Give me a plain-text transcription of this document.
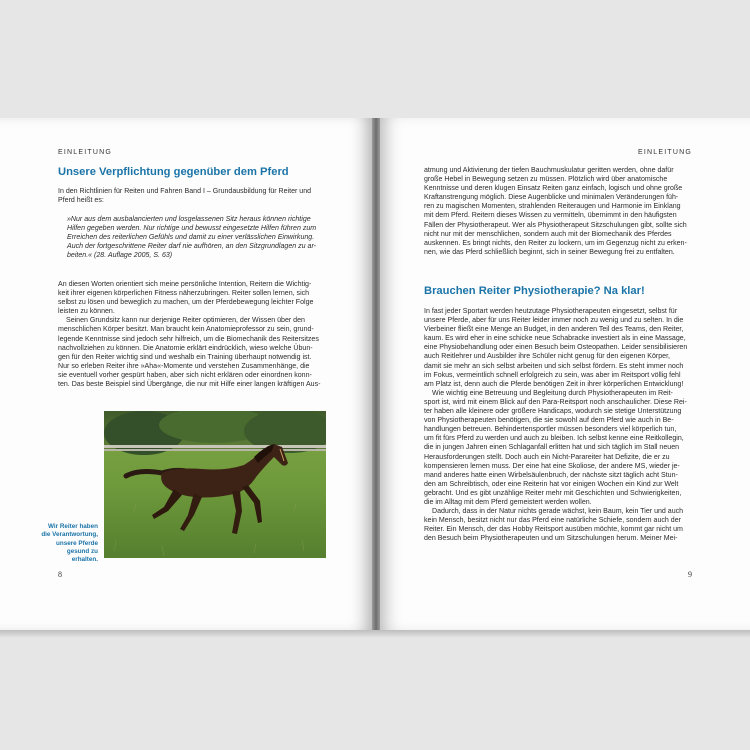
EINLEITUNG
Unsere Verpflichtung gegenüber dem Pferd

In den Richtlinien für Reiten und Fahren Band I – Grundausbildung für Reiter und
Pferd heißt es:

»Nur aus dem ausbalancierten und losgelassenen Sitz heraus können richtige
Hilfen gegeben werden. Nur richtige und bewusst eingesetzte Hilfen führen zum
Erreichen des reiterlichen Gefühls und damit zu einer verlässlichen Einwirkung.
Auch der fortgeschrittene Reiter darf nie aufhören, an den Sitzgrundlagen zu ar-
beiten.« (28. Auflage 2005, S. 63)

An diesen Worten orientiert sich meine persönliche Intention, Reitern die Wichtig-
keit ihrer eigenen körperlichen Fitness näherzubringen. Reiter sollen lernen, sich
selbst zu lösen und beweglich zu machen, um der Pferdebewegung leichter Folge
leisten zu können.

Seinen Grundsitz kann nur derjenige Reiter optimieren, der Wissen über den
menschlichen Körper besitzt. Man braucht kein Anatomieprofessor zu sein, grund-
legende Kenntnisse sind jedoch sehr hilfreich, um die Biomechanik des Reitersitzes
nachvollziehen zu können. Die Anatomie erklärt eindrücklich, wieso welche Übun-
gen für den Reiter wichtig sind und weshalb ein Training überhaupt notwendig ist.
Nur so erleben Reiter ihre »Aha«-Momente und verstehen Zusammenhänge, die
sie eventuell vorher gespürt haben, aber sich nicht erklären oder einordnen konn-
ten. Das beste Beispiel sind Übergänge, die nur mit Hilfe einer langen kräftigen Aus-

Wir Reiter haben
die Verantwortung,
unsere Pferde
gesund zu erhalten.
8
EINLEITUNG

atmung und Aktivierung der tiefen Bauchmuskulatur geritten werden, ohne dafür
große Hebel in Bewegung setzen zu müssen. Plötzlich wird über anatomische
Kenntnisse und deren klugen Einsatz Reiten ganz einfach, logisch und ohne große
Kraftanstrengung möglich. Diese Augenblicke und minimalen Veränderungen füh-
ren zu magischen Momenten, strahlenden Reiteraugen und Harmonie im Einklang
mit dem Pferd. Reitern dieses Wissen zu vermitteln, übernimmt in den häufigsten
Fällen der Physiotherapeut. Wer als Physiotherapeut Sitzschulungen gibt, sollte sich
nicht nur mit der menschlichen, sondern auch mit der Biomechanik des Pferdes
auskennen. Es bringt nichts, den Reiter zu lockern, um im Gegenzug nicht zu erken-
nen, wie das Pferd schließlich beginnt, sich in seiner Bewegung frei zu entfalten.

Brauchen Reiter Physiotherapie? Na klar!

In fast jeder Sportart werden heutzutage Physiotherapeuten eingesetzt, selbst für
unsere Pferde, aber für uns Reiter leider immer noch zu wenig und zu selten. In die
Vierbeiner fließt eine Menge an Budget, in den anderen Teil des Teams, den Reiter,
kaum. Es wird eher in eine schicke neue Schabracke investiert als in eine Massage,
eine Physiobehandlung oder einen Besuch beim Osteopathen. Leider sensibilisieren
auch Reitlehrer und Ausbilder ihre Schüler nicht genug für den eigenen Körper,
damit sie mehr an sich selbst arbeiten und sich selbst fördern. Es steht immer noch
im Fokus, vermeintlich schnell erfolgreich zu sein, was aber im Reitsport völlig fehl
am Platz ist, denn auch die Pferde benötigen Zeit in ihrer körperlichen Entwicklung!

Wie wichtig eine Betreuung und Begleitung durch Physiotherapeuten im Reit-
sport ist, wird mit einem Blick auf den Para-Reitsport noch anschaulicher. Diese Rei-
ter haben alle kleinere oder größere Handicaps, wodurch sie stetige Unterstützung
von Physiotherapeuten benötigen, die sie sowohl auf dem Pferd wie auch in Be-
handlungen betreuen. Behindertensportler müssen besonders viel körperlich tun,
um fit fürs Pferd zu werden und auch zu bleiben. Ich selbst kenne eine Reitkollegin,
die in jungen Jahren einen Schlaganfall erlitten hat und sich täglich im Stall neuen
Herausforderungen stellt. Doch auch ein Nicht-Parareiter hat Defizite, die er zu
kompensieren lernen muss. Der eine hat eine Skoliose, der andere MS, wieder je-
mand anderes hatte einen Wirbelsäulenbruch, der nächste sitzt täglich acht Stun-
den am Schreibtisch, oder eine Reiterin hat vor einigen Wochen ein Kind zur Welt
gebracht. Und es gibt unzählige Reiter mehr mit Geschichten und Schwierigkeiten,
die im Alltag mit dem Pferd gemeistert werden wollen.

Dadurch, dass in der Natur nichts gerade wächst, kein Baum, kein Tier und auch
kein Mensch, besitzt nicht nur das Pferd eine natürliche Schiefe, sondern auch der
Reiter. Ein Mensch, der das Hobby Reitsport ausüben möchte, kommt gar nicht um
den Besuch beim Physiotherapeuten und um Sitzschulungen herum. Meiner Mei-

9
